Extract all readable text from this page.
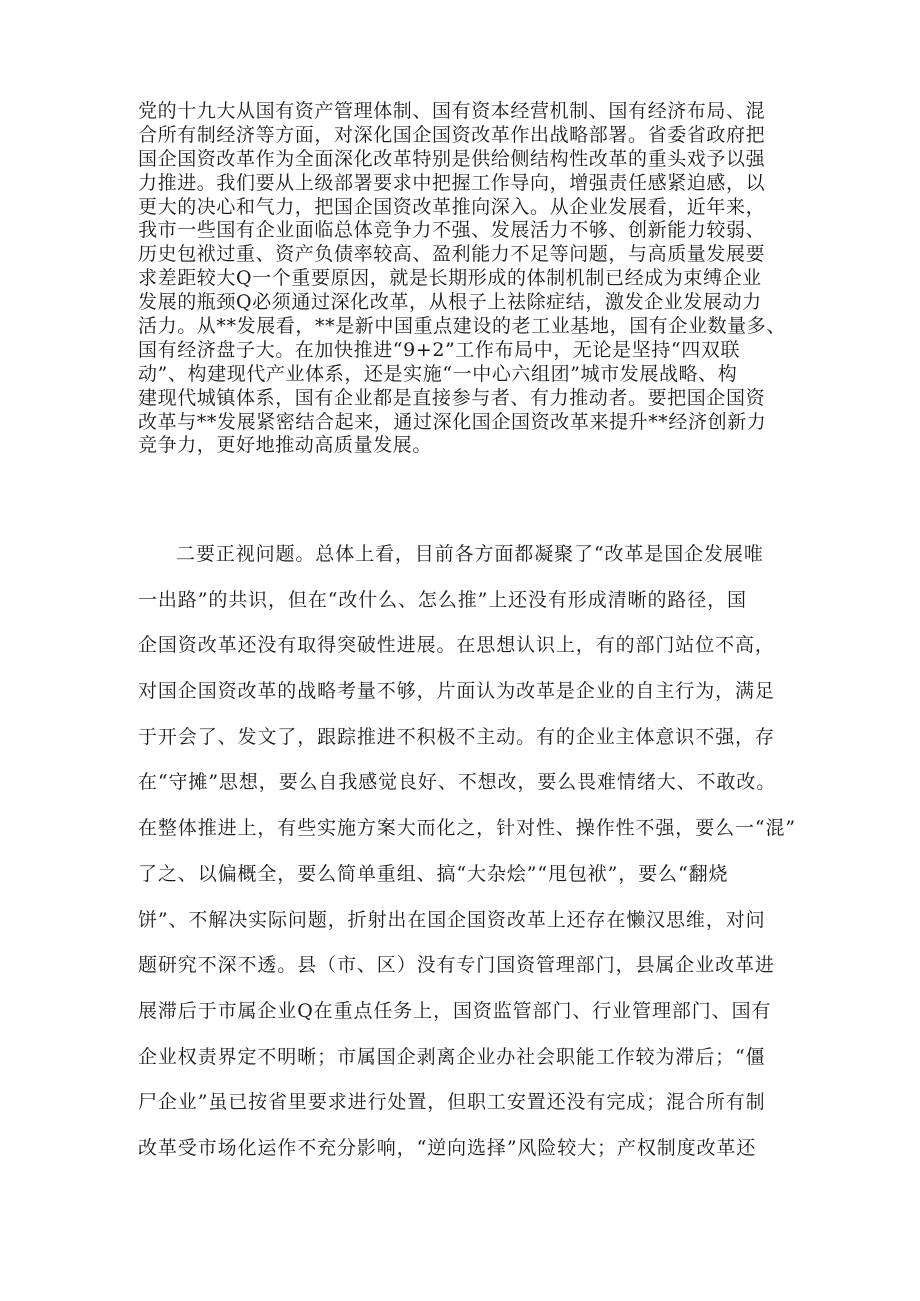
党的十九大从国有资产管理体制、国有资本经营机制、国有经济布局、混
合所有制经济等方面，对深化国企国资改革作出战略部署。省委省政府把
国企国资改革作为全面深化改革特别是供给侧结构性改革的重头戏予以强
力推进。我们要从上级部署要求中把握工作导向，增强责任感紧迫感，以
更大的决心和气力，把国企国资改革推向深入。从企业发展看，近年来，
我市一些国有企业面临总体竞争力不强、发展活力不够、创新能力较弱、
历史包袱过重、资产负债率较高、盈利能力不足等问题，与高质量发展要
求差距较大Q一个重要原因，就是长期形成的体制机制已经成为束缚企业
发展的瓶颈Q必须通过深化改革，从根子上祛除症结，激发企业发展动力
活力。从**发展看，**是新中国重点建设的老工业基地，国有企业数量多、
国有经济盘子大。在加快推进“9+2”工作布局中，无论是坚持“四双联
动”、构建现代产业体系，还是实施“一中心六组团”城市发展战略、构
建现代城镇体系，国有企业都是直接参与者、有力推动者。要把国企国资
改革与**发展紧密结合起来，通过深化国企国资改革来提升**经济创新力
竞争力，更好地推动高质量发展。
二要正视问题。总体上看，目前各方面都凝聚了“改革是国企发展唯
一出路”的共识，但在“改什么、怎么推”上还没有形成清晰的路径，国
企国资改革还没有取得突破性进展。在思想认识上，有的部门站位不高，
对国企国资改革的战略考量不够，片面认为改革是企业的自主行为，满足
于开会了、发文了，跟踪推进不积极不主动。有的企业主体意识不强，存
在“守摊”思想，要么自我感觉良好、不想改，要么畏难情绪大、不敢改。
在整体推进上，有些实施方案大而化之，针对性、操作性不强，要么一“混”
了之、以偏概全，要么简单重组、搞“大杂烩”“甩包袱”，要么“翻烧
饼”、不解决实际问题，折射出在国企国资改革上还存在懒汉思维，对问
题研究不深不透。县（市、区）没有专门国资管理部门，县属企业改革进
展滞后于市属企业Q在重点任务上，国资监管部门、行业管理部门、国有
企业权责界定不明晰；市属国企剥离企业办社会职能工作较为滞后；“僵
尸企业”虽已按省里要求进行处置，但职工安置还没有完成；混合所有制
改革受市场化运作不充分影响，“逆向选择”风险较大；产权制度改革还
